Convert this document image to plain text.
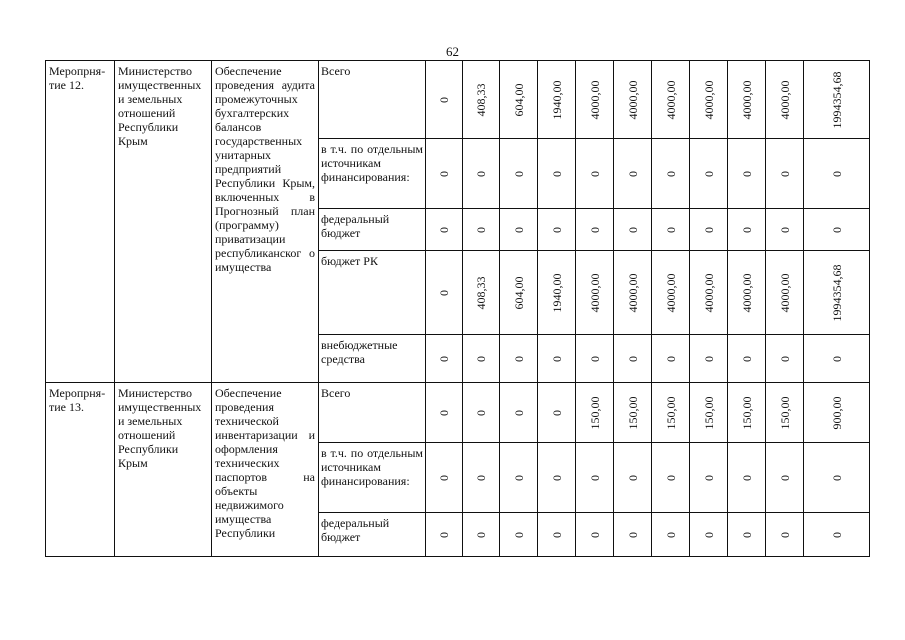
62
Меропрня-
тие 12.	Министерство имущественных и земельных отношений Республики Крым	Обеспечение проведения аудита промежуточных бухгалтерских балансов государственных унитарных предприятий Республики Крым, включенных в Прогнозный план (программу) приватизации республиканског о имущества	Всего	0	408,33	604,00	1940,00	4000,00	4000,00	4000,00	4000,00	4000,00	4000,00	1994354,68

			в т.ч. по отдельным источникам финансирования:	0	0	0	0	0	0	0	0	0	0	0

			федеральный бюджет	0	0	0	0	0	0	0	0	0	0	0

			бюджет РК	0	408,33	604,00	1940,00	4000,00	4000,00	4000,00	4000,00	4000,00	4000,00	1994354,68

			внебюджетные средства	0	0	0	0	0	0	0	0	0	0	0

Меропрня-
тие 13.	Министерство имущественных и земельных отношений Республики Крым	Обеспечение проведения технической инвентаризации и оформления технических паспортов на объекты недвижимого имущества Республики	Всего	0	0	0	0	150,00	150,00	150,00	150,00	150,00	150,00	900,00

			в т.ч. по отдельным источникам финансирования:	0	0	0	0	0	0	0	0	0	0	0

			федеральный бюджет	0	0	0	0	0	0	0	0	0	0	0
